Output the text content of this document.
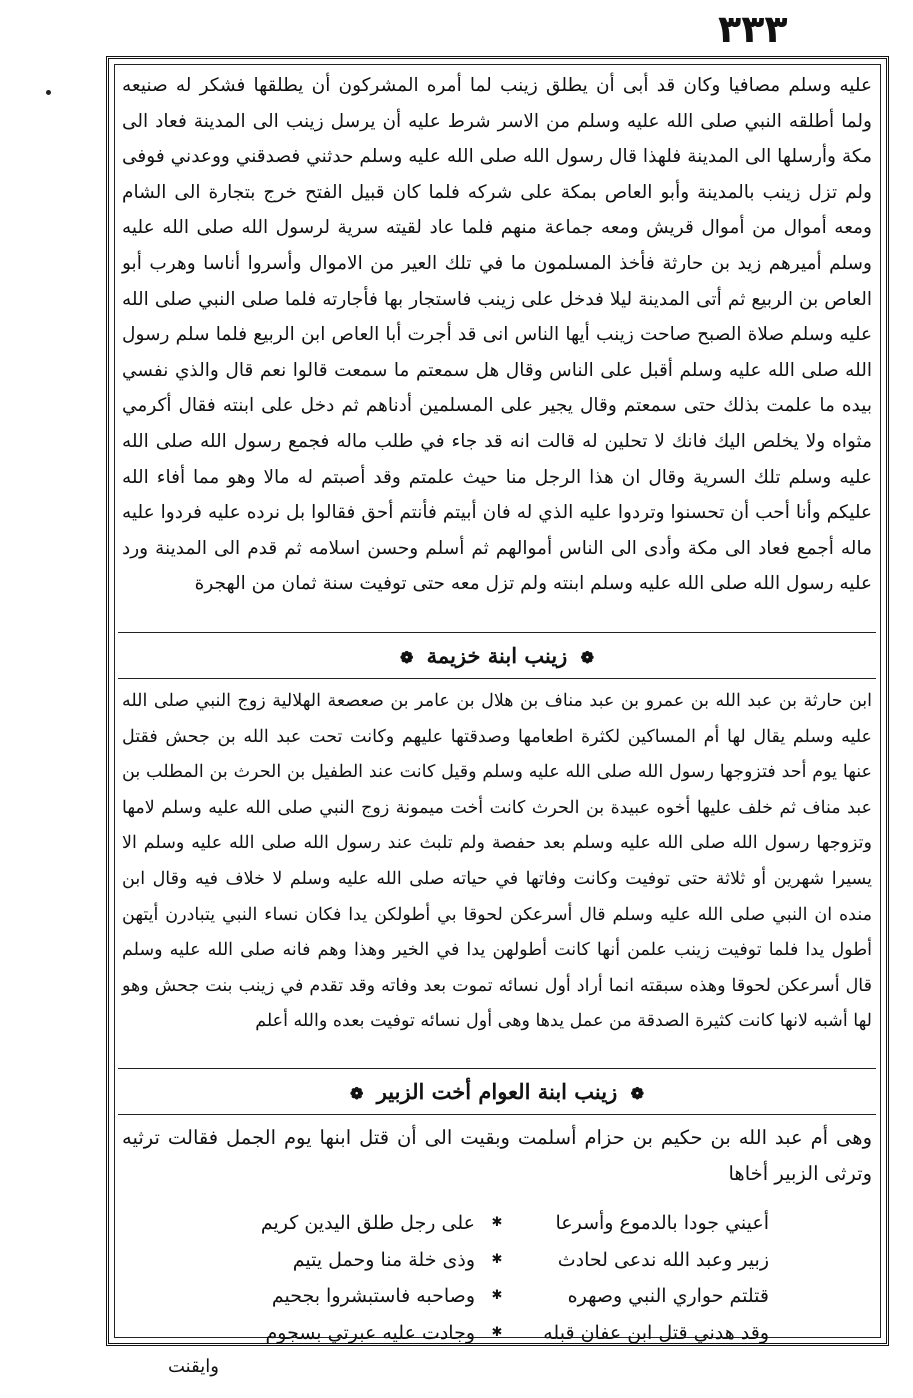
٣٣٣

عليه وسلم مصافيا وكان قد أبى أن يطلق زينب لما أمره المشركون أن يطلقها فشكر له صنيعه ولما أطلقه النبي صلى الله عليه وسلم من الاسر شرط عليه أن يرسل زينب الى المدينة فعاد الى مكة وأرسلها الى المدينة فلهذا قال رسول الله صلى الله عليه وسلم حدثني فصدقني ووعدني فوفى ولم تزل زينب بالمدينة وأبو العاص بمكة على شركه فلما كان قبيل الفتح خرج بتجارة الى الشام ومعه أموال من أموال قريش ومعه جماعة منهم فلما عاد لقيته سرية لرسول الله صلى الله عليه وسلم أميرهم زيد بن حارثة فأخذ المسلمون ما في تلك العير من الاموال وأسروا أناسا وهرب أبو العاص بن الربيع ثم أتى المدينة ليلا فدخل على زينب فاستجار بها فأجارته فلما صلى النبي صلى الله عليه وسلم صلاة الصبح صاحت زينب أيها الناس انى قد أجرت أبا العاص ابن الربيع فلما سلم رسول الله صلى الله عليه وسلم أقبل على الناس وقال هل سمعتم ما سمعت قالوا نعم قال والذي نفسي بيده ما علمت بذلك حتى سمعتم وقال يجير على المسلمين أدناهم ثم دخل على ابنته فقال أكرمي مثواه ولا يخلص اليك فانك لا تحلين له قالت انه قد جاء في طلب ماله فجمع رسول الله صلى الله عليه وسلم تلك السرية وقال ان هذا الرجل منا حيث علمتم وقد أصبتم له مالا وهو مما أفاء الله عليكم وأنا أحب أن تحسنوا وتردوا عليه الذي له فان أبيتم فأنتم أحق فقالوا بل نرده عليه فردوا عليه ماله أجمع فعاد الى مكة وأدى الى الناس أموالهم ثم أسلم وحسن اسلامه ثم قدم الى المدينة ورد عليه رسول الله صلى الله عليه وسلم ابنته ولم تزل معه حتى توفيت سنة ثمان من الهجرة

❁ زينب ابنة خزيمة ❁

ابن حارثة بن عبد الله بن عمرو بن عبد مناف بن هلال بن عامر بن صعصعة الهلالية زوج النبي صلى الله عليه وسلم يقال لها أم المساكين لكثرة اطعامها وصدقتها عليهم وكانت تحت عبد الله بن جحش فقتل عنها يوم أحد فتزوجها رسول الله صلى الله عليه وسلم وقيل كانت عند الطفيل بن الحرث بن المطلب بن عبد مناف ثم خلف عليها أخوه عبيدة بن الحرث كانت أخت ميمونة زوج النبي صلى الله عليه وسلم لامها وتزوجها رسول الله صلى الله عليه وسلم بعد حفصة ولم تلبث عند رسول الله صلى الله عليه وسلم الا يسيرا شهرين أو ثلاثة حتى توفيت وكانت وفاتها في حياته صلى الله عليه وسلم لا خلاف فيه وقال ابن منده ان النبي صلى الله عليه وسلم قال أسرعكن لحوقا بي أطولكن يدا فكان نساء النبي يتبادرن أيتهن أطول يدا فلما توفيت زينب علمن أنها كانت أطولهن يدا في الخير وهذا وهم فانه صلى الله عليه وسلم قال أسرعكن لحوقا وهذه سبقته انما أراد أول نسائه تموت بعد وفاته وقد تقدم في زينب بنت جحش وهو لها أشبه لانها كانت كثيرة الصدقة من عمل يدها وهى أول نسائه توفيت بعده والله أعلم

❁ زينب ابنة العوام أخت الزبير ❁

وهى أم عبد الله بن حكيم بن حزام أسلمت وبقيت الى أن قتل ابنها يوم الجمل فقالت ترثيه وترثى الزبير أخاها

أعيني جودا بالدموع وأسرعا
✱
على رجل طلق اليدين كريم
زبير وعبد الله ندعى لحادث
✱
وذى خلة منا وحمل يتيم
قتلتم حواري النبي وصهره
✱
وصاحبه فاستبشروا بجحيم
وقد هدني قتل ابن عفان قبله
✱
وجادت عليه عبرتي بسجوم
وايقنت
